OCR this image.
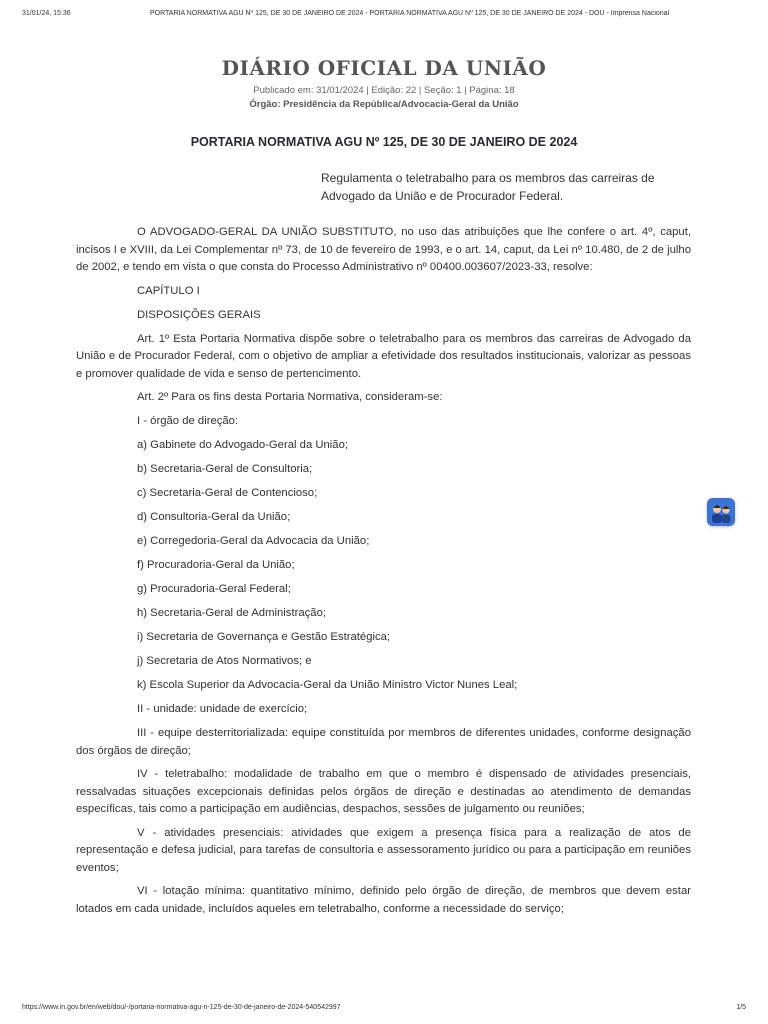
31/01/24, 15:36	PORTARIA NORMATIVA AGU Nº 125, DE 30 DE JANEIRO DE 2024 - PORTARIA NORMATIVA AGU Nº 125, DE 30 DE JANEIRO DE 2024 - DOU - Imprensa Nacional
DIÁRIO OFICIAL DA UNIÃO
Publicado em: 31/01/2024 | Edição: 22 | Seção: 1 | Página: 18
Órgão: Presidência da República/Advocacia-Geral da União
PORTARIA NORMATIVA AGU Nº 125, DE 30 DE JANEIRO DE 2024
Regulamenta o teletrabalho para os membros das carreiras de Advogado da União e de Procurador Federal.

O ADVOGADO-GERAL DA UNIÃO SUBSTITUTO, no uso das atribuições que lhe confere o art. 4º, caput, incisos I e XVIII, da Lei Complementar nº 73, de 10 de fevereiro de 1993, e o art. 14, caput, da Lei nº 10.480, de 2 de julho de 2002, e tendo em vista o que consta do Processo Administrativo nº 00400.003607/2023-33, resolve:

CAPÍTULO I

DISPOSIÇÕES GERAIS

Art. 1º Esta Portaria Normativa dispõe sobre o teletrabalho para os membros das carreiras de Advogado da União e de Procurador Federal, com o objetivo de ampliar a efetividade dos resultados institucionais, valorizar as pessoas e promover qualidade de vida e senso de pertencimento.

Art. 2º Para os fins desta Portaria Normativa, consideram-se:

I - órgão de direção:

a) Gabinete do Advogado-Geral da União;

b) Secretaria-Geral de Consultoria;

c) Secretaria-Geral de Contencioso;

d) Consultoria-Geral da União;

e) Corregedoria-Geral da Advocacia da União;

f) Procuradoria-Geral da União;

g) Procuradoria-Geral Federal;

h) Secretaria-Geral de Administração;

i) Secretaria de Governança e Gestão Estratégica;

j) Secretaria de Atos Normativos; e

k) Escola Superior da Advocacia-Geral da União Ministro Victor Nunes Leal;

II - unidade: unidade de exercício;

III - equipe desterritorializada: equipe constituída por membros de diferentes unidades, conforme designação dos órgãos de direção;

IV - teletrabalho: modalidade de trabalho em que o membro é dispensado de atividades presenciais, ressalvadas situações excepcionais definidas pelos órgãos de direção e destinadas ao atendimento de demandas específicas, tais como a participação em audiências, despachos, sessões de julgamento ou reuniões;

V - atividades presenciais: atividades que exigem a presença física para a realização de atos de representação e defesa judicial, para tarefas de consultoria e assessoramento jurídico ou para a participação em reuniões eventos;

VI - lotação mínima: quantitativo mínimo, definido pelo órgão de direção, de membros que devem estar lotados em cada unidade, incluídos aqueles em teletrabalho, conforme a necessidade do serviço;

https://www.in.gov.br/en/web/dou/-/portaria-normativa-agu-n-125-de-30-de-janeiro-de-2024-540542997	1/5
